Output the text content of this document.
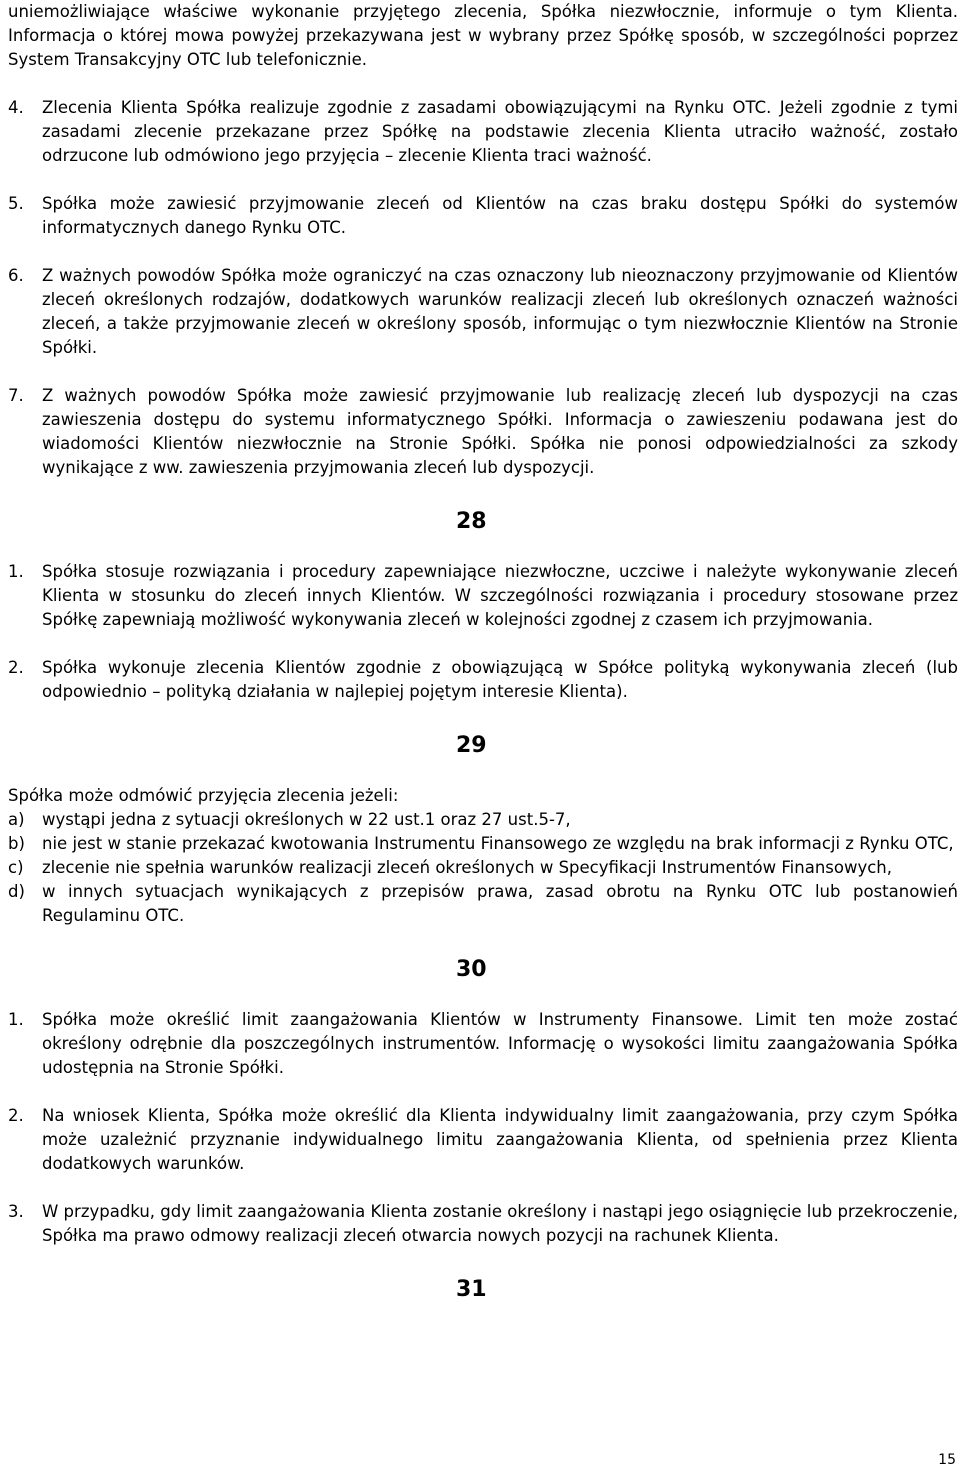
uniemożliwiające właściwe wykonanie przyjętego zlecenia, Spółka niezwłocznie, informuje o tym Klienta. Informacja o której mowa powyżej przekazywana jest w wybrany przez Spółkę sposób, w szczególności poprzez System Transakcyjny OTC lub telefonicznie.
4.	Zlecenia Klienta Spółka realizuje zgodnie z zasadami obowiązującymi na Rynku OTC. Jeżeli zgodnie z tymi zasadami zlecenie przekazane przez Spółkę na podstawie zlecenia Klienta utraciło ważność, zostało odrzucone lub odmówiono jego przyjęcia – zlecenie Klienta traci ważność.
5.	Spółka może zawiesić przyjmowanie zleceń od Klientów na czas braku dostępu Spółki do systemów informatycznych danego Rynku OTC.
6.	Z ważnych powodów Spółka może ograniczyć na czas oznaczony lub nieoznaczony przyjmowanie od Klientów zleceń określonych rodzajów, dodatkowych warunków realizacji zleceń lub określonych oznaczeń ważności zleceń, a także przyjmowanie zleceń w określony sposób, informując o tym niezwłocznie Klientów na Stronie Spółki.
7.	Z ważnych powodów Spółka może zawiesić przyjmowanie lub realizację zleceń lub dyspozycji na czas zawieszenia dostępu do systemu informatycznego Spółki. Informacja o zawieszeniu podawana jest do wiadomości Klientów niezwłocznie na Stronie Spółki. Spółka nie ponosi odpowiedzialności za szkody wynikające z ww. zawieszenia przyjmowania zleceń lub dyspozycji.
28
1.	Spółka stosuje rozwiązania i procedury zapewniające niezwłoczne, uczciwe i należyte wykonywanie zleceń Klienta w stosunku do zleceń innych Klientów. W szczególności rozwiązania i procedury stosowane przez Spółkę zapewniają możliwość wykonywania zleceń w kolejności zgodnej z czasem ich przyjmowania.
2.	Spółka wykonuje zlecenia Klientów zgodnie z obowiązującą w Spółce polityką wykonywania zleceń (lub odpowiednio – polityką działania w najlepiej pojętym interesie Klienta).
29
Spółka może odmówić przyjęcia zlecenia jeżeli:
a)	wystąpi jedna z sytuacji określonych w 22 ust.1 oraz 27 ust.5-7,
b)	nie jest w stanie przekazać kwotowania Instrumentu Finansowego ze względu na brak informacji z Rynku OTC,
c)	zlecenie nie spełnia warunków realizacji zleceń określonych w Specyfikacji Instrumentów Finansowych,
d)	w innych sytuacjach wynikających z przepisów prawa, zasad obrotu na Rynku OTC lub postanowień Regulaminu OTC.
30
1.	Spółka może określić limit zaangażowania Klientów w Instrumenty Finansowe. Limit ten może zostać określony odrębnie dla poszczególnych instrumentów. Informację o wysokości limitu zaangażowania Spółka udostępnia na Stronie Spółki.
2.	Na wniosek Klienta, Spółka może określić dla Klienta indywidualny limit zaangażowania, przy czym Spółka może uzależnić przyznanie indywidualnego limitu zaangażowania Klienta, od spełnienia przez Klienta dodatkowych warunków.
3.	W przypadku, gdy limit zaangażowania Klienta zostanie określony i nastąpi jego osiągnięcie lub przekroczenie, Spółka ma prawo odmowy realizacji zleceń otwarcia nowych pozycji na rachunek Klienta.
31
15
